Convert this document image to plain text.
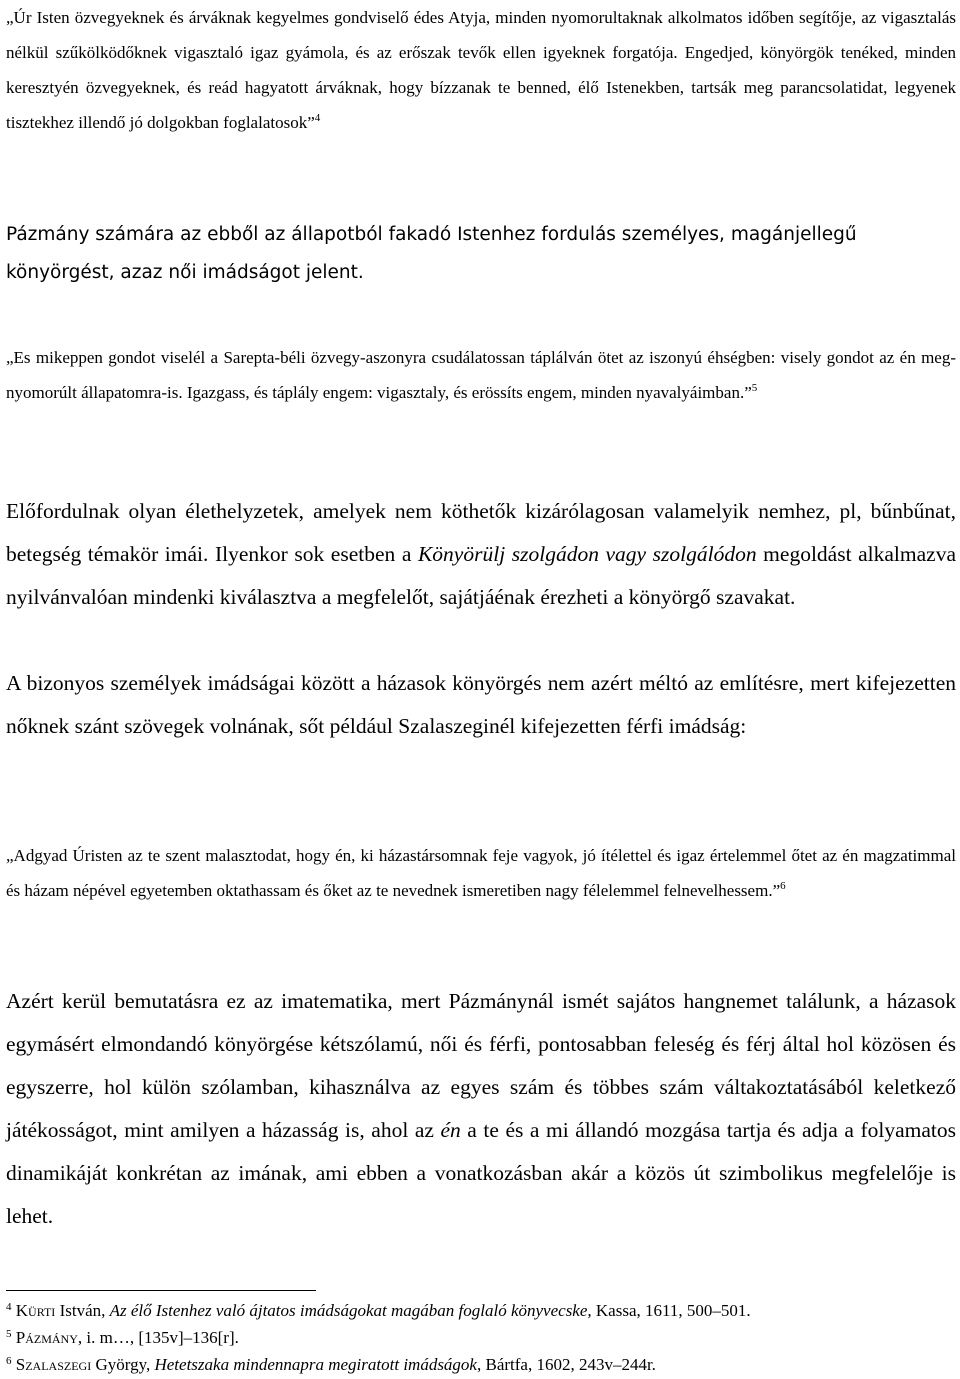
„Úr Isten özvegyeknek és árváknak kegyelmes gondviselő édes Atyja, minden nyomorultaknak alkolmatos időben segítője, az vigasztalás nélkül szűkölködőknek vigasztaló igaz gyámola, és az erőszak tevők ellen igyeknek forgatója. Engedjed, könyörgök tenéked, minden keresztyén özvegyeknek, és reád hagyatott árváknak, hogy bízzanak te benned, élő Istenekben, tartsák meg parancsolatidat, legyenek tisztekhez illendő jó dolgokban foglalatosok”$^4$

Pázmány számára az ebből az állapotból fakadó Istenhez fordulás személyes, magánjellegű könyörgést, azaz női imádságot jelent.

„Es mikeppen gondot viselél a Sarepta-béli özvegy-aszonyra csudálatossan táplálván ötet az iszonyú éhségben: visely gondot az én meg-nyomorúlt állapatomra-is. Igazgass, és táplály engem: vigasztaly, és erössíts engem, minden nyavalyáimban.”$^5$

Előfordulnak olyan élethelyzetek, amelyek nem köthetők kizárólagosan valamelyik nemhez, pl, bűnbűnat, betegség témakör imái. Ilyenkor sok esetben a Könyörülj szolgádon vagy szolgálódon megoldást alkalmazva nyilvánvalóan mindenki kiválasztva a megfelelőt, sajátjáénak érezheti a könyörgő szavakat.

A bizonyos személyek imádságai között a házasok könyörgés nem azért méltó az említésre, mert kifejezetten nőknek szánt szövegek volnának, sőt például Szalaszeginél kifejezetten férfi imádság:

„Adgyad Úristen az te szent malasztodat, hogy én, ki házastársomnak feje vagyok, jó ítélettel és igaz értelemmel őtet az én magzatimmal és házam népével egyetemben oktathassam és őket az te nevednek ismeretiben nagy félelemmel felnevelhessem.”$^6$

Azért kerül bemutatásra ez az imatematika, mert Pázmánynál ismét sajátos hangnemet találunk, a házasok egymásért elmondandó könyörgése kétszólamú, női és férfi, pontosabban feleség és férj által hol közösen és egyszerre, hol külön szólamban, kihasználva az egyes szám és többes szám váltakoztatásából keletkező játékosságot, mint amilyen a házasság is, ahol az én a te és a mi állandó mozgása tartja és adja a folyamatos dinamikáját konkrétan az imának, ami ebben a vonatkozásban akár a közös út szimbolikus megfelelője is lehet.

$^4$ Kürti István, Az élő Istenhez való ájtatos imádságokat magában foglaló könyvecske, Kassa, 1611, 500‒501.
$^5$ Pázmány, i. m…, [135v]‒136[r].
$^6$ Szalaszegi György, Hetetszaka mindennapra megiratott imádságok, Bártfa, 1602, 243v‒244r.
